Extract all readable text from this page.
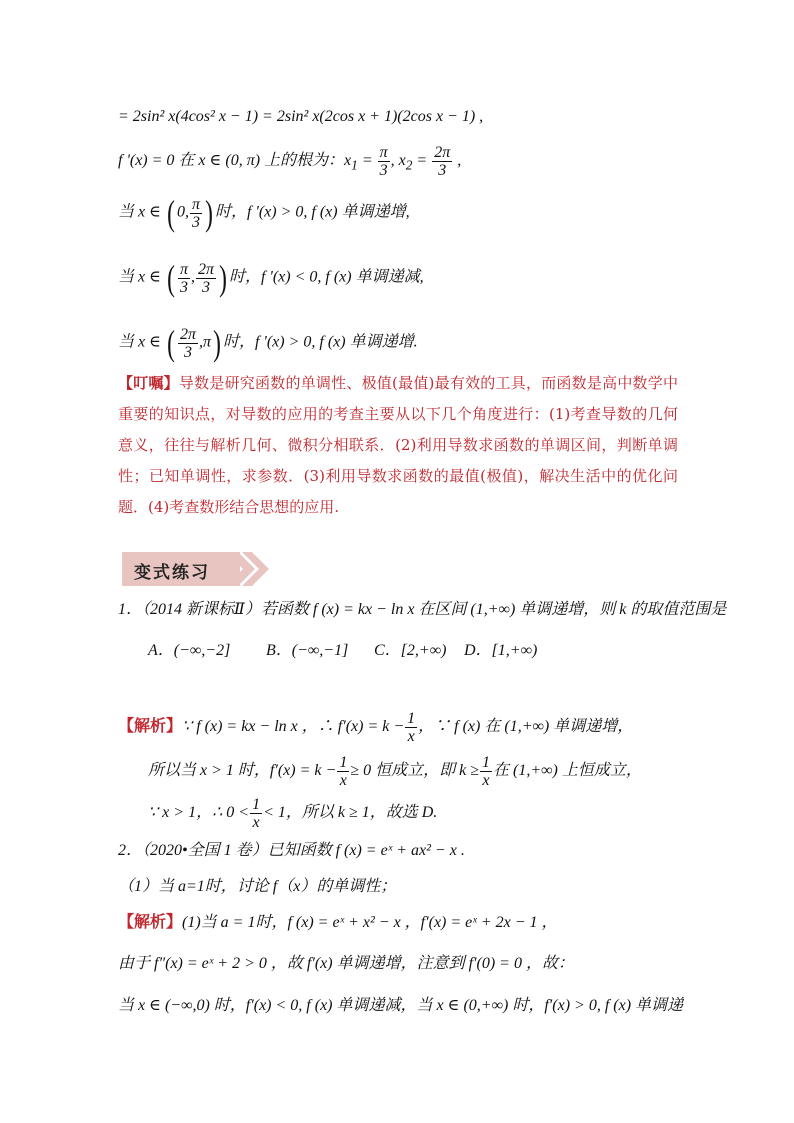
= 2sin² x(4cos² x − 1) = 2sin² x(2cos x + 1)(2cos x − 1) ,
f '(x) = 0 在 x ∈ (0, π) 上的根为：$x_1 = \frac{\pi}{3}$ , $x_2 = \frac{2\pi}{3}$ ,
当 x ∈ ( 0, $\frac{\pi}{3}$ ) 时，f '(x) > 0, f (x) 单调递增,
当 x ∈ ( $\frac{\pi}{3}$ , $\frac{2\pi}{3}$ ) 时，f '(x) < 0, f (x) 单调递减,
当 x ∈ ( $\frac{2\pi}{3} ,\pi$) 时，f '(x) > 0, f (x) 单调递增.
【叮嘱】导数是研究函数的单调性、极值(最值)最有效的工具，而函数是高中数学中重要的知识点，对导数的应用的考查主要从以下几个角度进行：(1)考查导数的几何意义，往往与解析几何、微积分相联系．(2)利用导数求函数的单调区间，判断单调性；已知单调性，求参数．(3)利用导数求函数的最值(极值)，解决生活中的优化问题．(4)考查数形结合思想的应用.
变式练习
1．（2014 新课标Ⅱ）若函数 f (x) = kx − ln x 在区间 (1,+∞) 单调递增，则 k 的取值范围是
A．(−∞,−2] B．(−∞,−1] C．[2,+∞) D．[1,+∞)
【解析】∵ f (x) = kx − ln x ，∴ $f'(x) = k - \frac{1}{x}$ ，∵ f (x) 在 (1,+∞) 单调递增，
所以当 x > 1 时，$f'(x) = k - \frac{1}{x} \ge 0$ 恒成立，即 $k \ge \frac{1}{x}$ 在 (1,+∞) 上恒成立，
∵ x > 1，∴ $0 < \frac{1}{x} < 1$，所以 k ≥ 1，故选 D.
2．（2020•全国 1 卷）已知函数 f (x) = eˣ + ax² − x .
（1）当 a=1时，讨论 f（x）的单调性；
【解析】(1)当 a = 1时，f (x) = eˣ + x² − x ，f′(x) = eˣ + 2x − 1 ，
由于 f″(x) = eˣ + 2 > 0 ，故 f′(x) 单调递增，注意到 f′(0) = 0 ，故：
当 x ∈ (−∞,0) 时，f′(x) < 0, f (x) 单调递减，当 x ∈ (0,+∞) 时，f′(x) > 0, f (x) 单调递
